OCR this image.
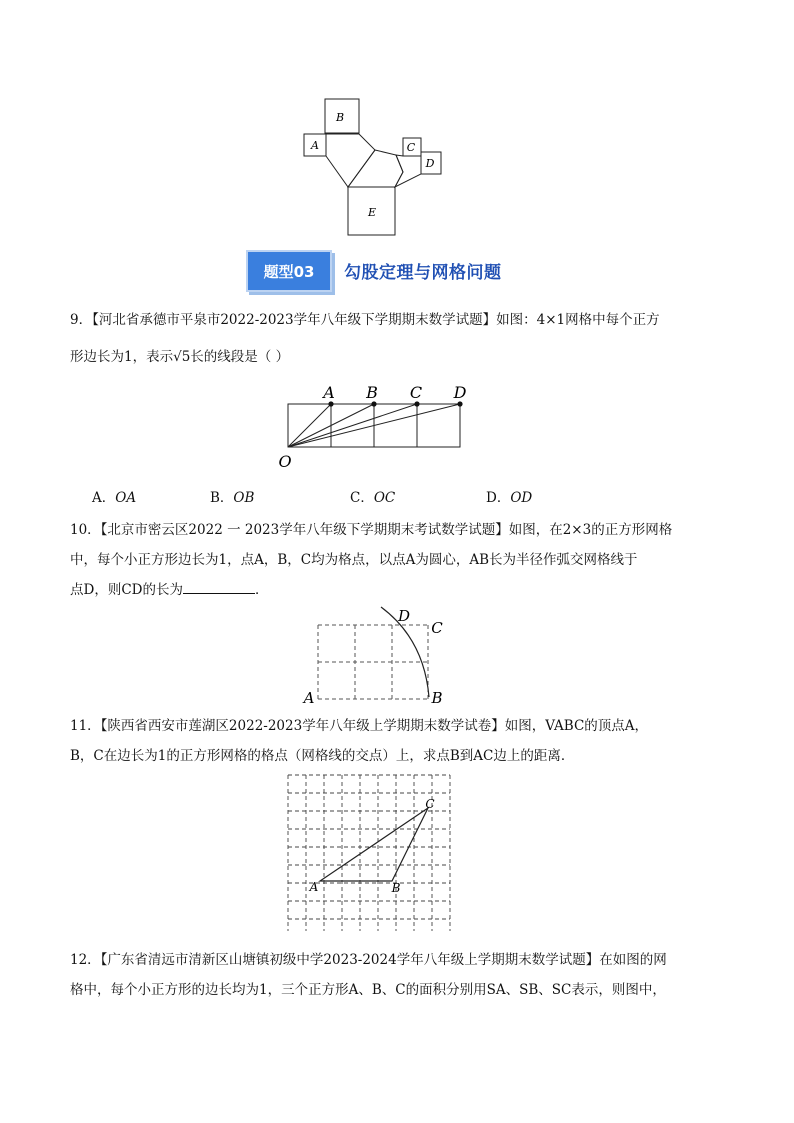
B
A	C
D
E
题型03	勾股定理与网格问题
9．【河北省承德市平泉市2022-2023学年八年级下学期期末数学试题】如图：4×1网格中每个正方
形边长为1，表示√5长的线段是（ ）
A B C D
O
A．OA	B．OB	C．OC	D．OD
10．【北京市密云区2022 一 2023学年八年级下学期期末考试数学试题】如图，在2×3的正方形网格
中，每个小正方形边长为1，点A，B，C均为格点，以点A为圆心，AB长为半径作弧交网格线于
点D，则CD的长为	．
D
C
A	B
11．【陕西省西安市莲湖区2022-2023学年八年级上学期期末数学试卷】如图，VABC的顶点A，
B，C在边长为1的正方形网格的格点（网格线的交点）上，求点B到AC边上的距离．
C
A	B
12．【广东省清远市清新区山塘镇初级中学2023-2024学年八年级上学期期末数学试题】在如图的网
格中，每个小正方形的边长均为1，三个正方形A、B、C的面积分别用SA、SB、SC表示，则图中，
